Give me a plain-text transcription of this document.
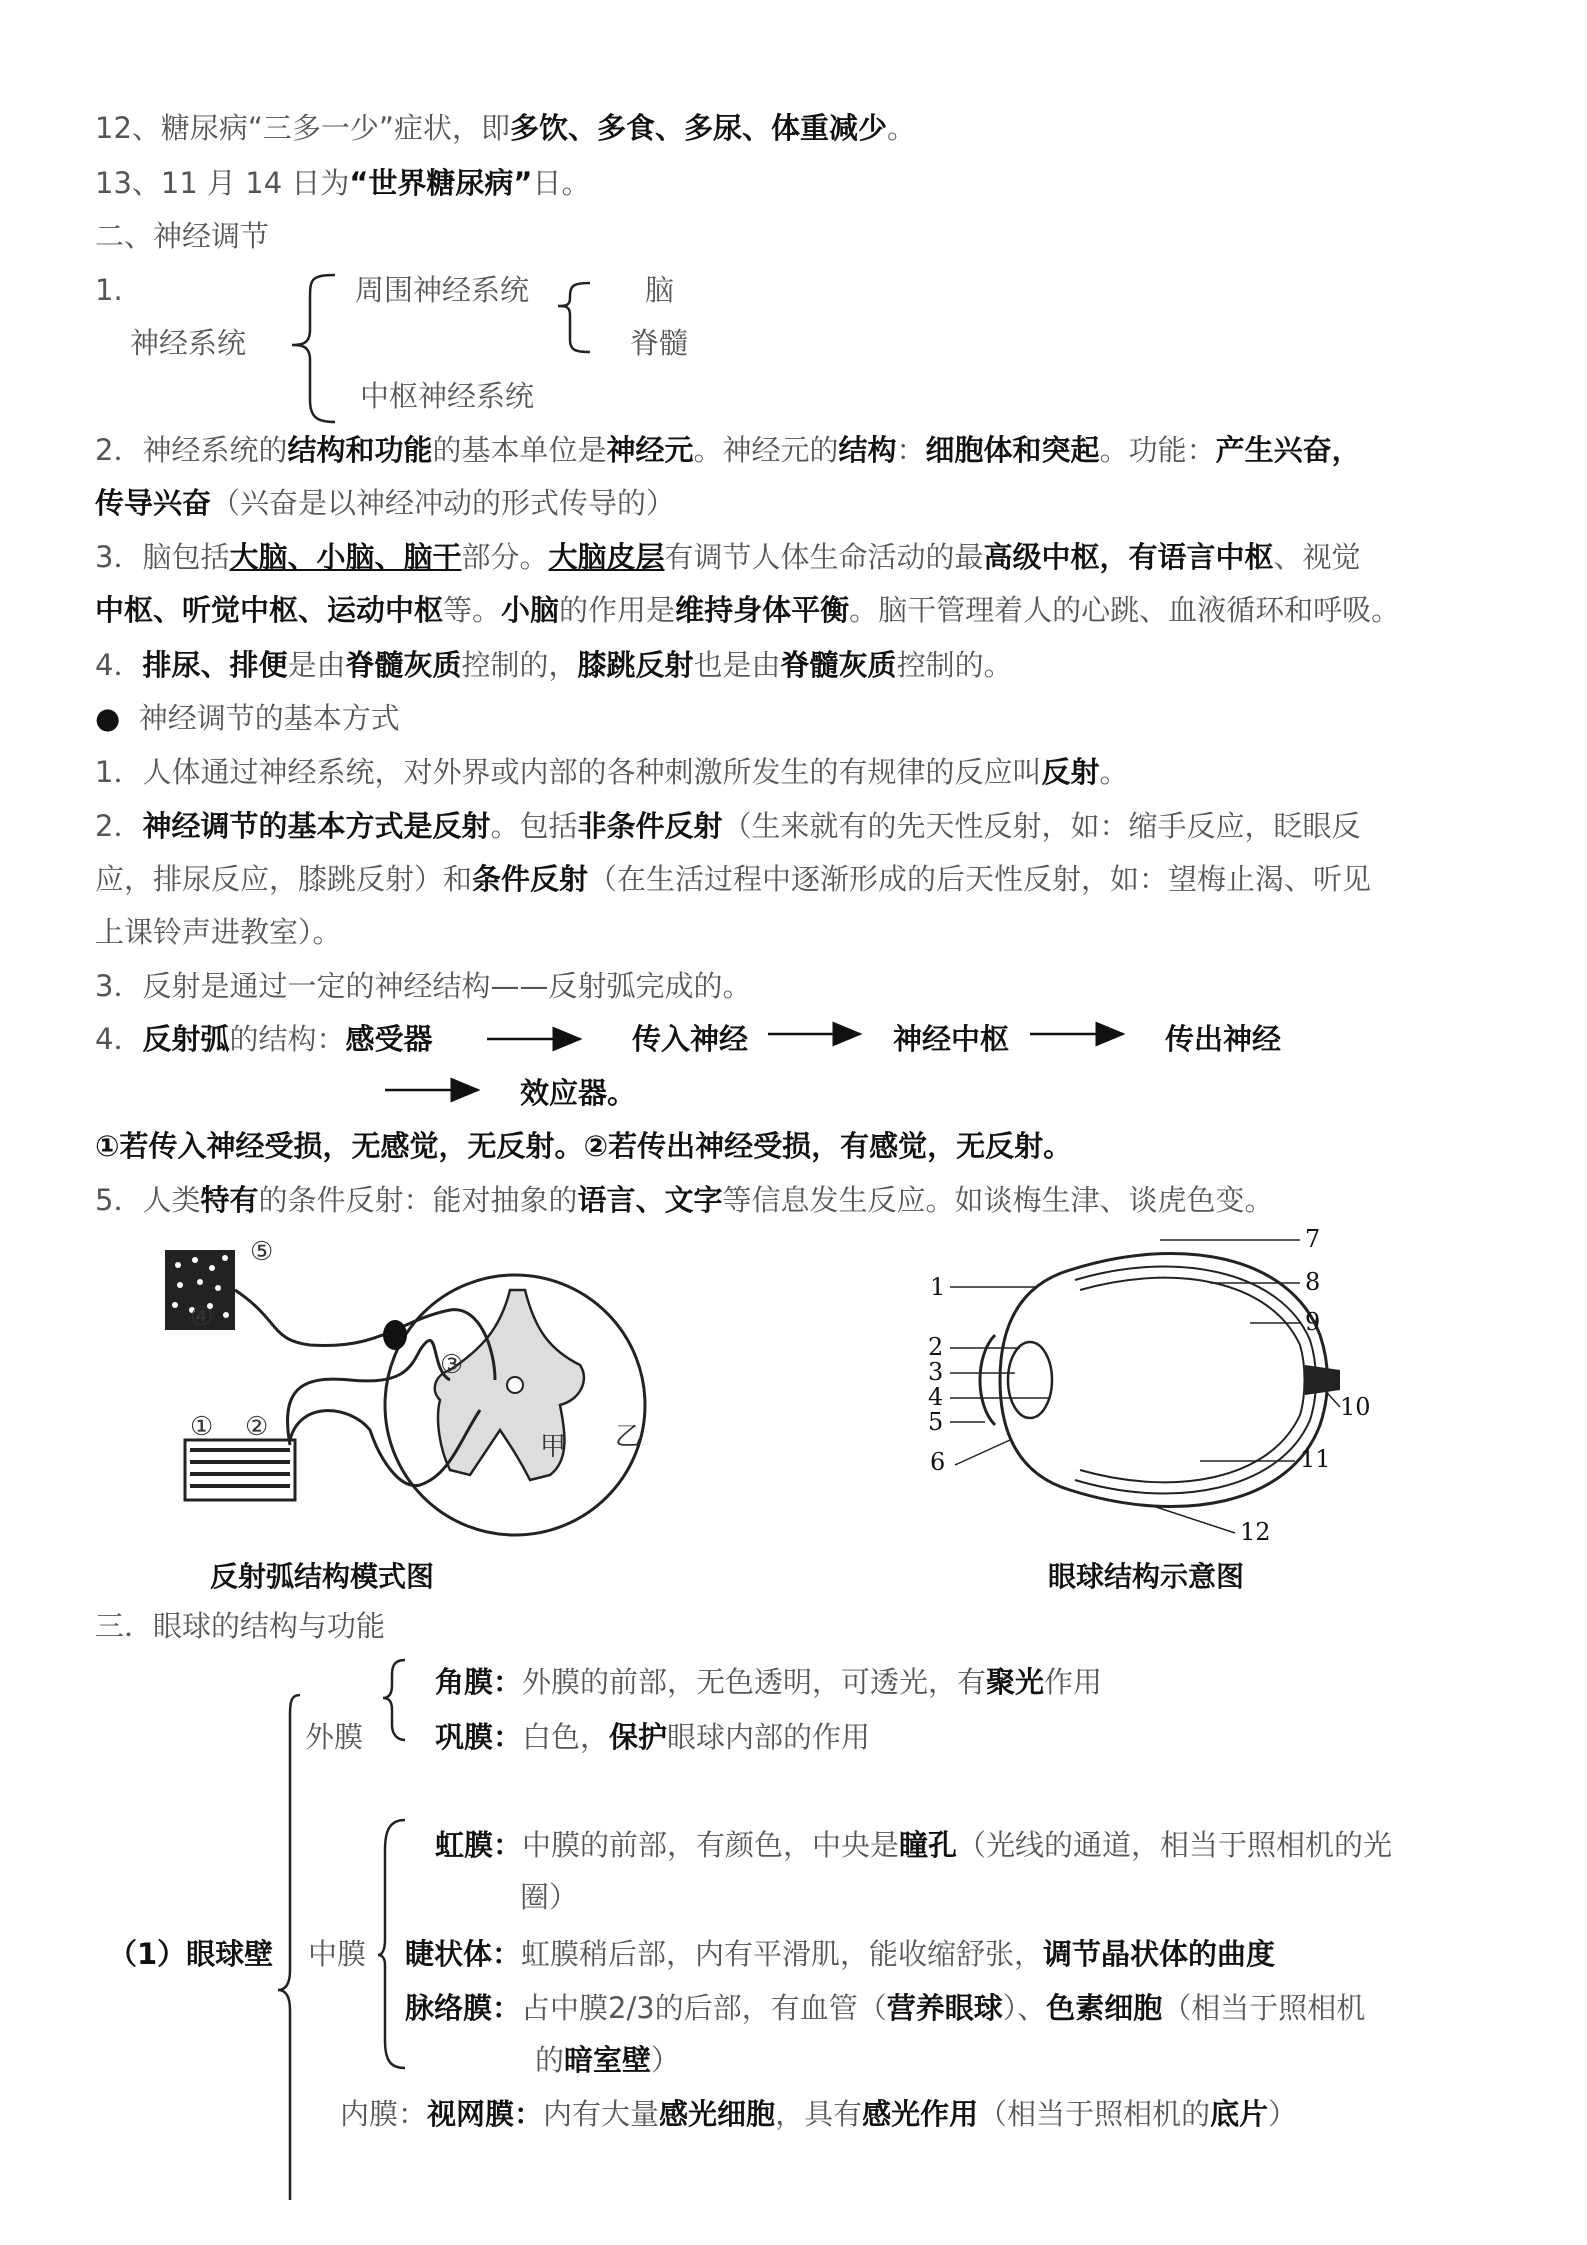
12、糖尿病“三多一少”症状，即多饮、多食、多尿、体重减少。
13、11 月 14 日为“世界糖尿病”日。
二、神经调节
1.
神经系统
周围神经系统
中枢神经系统
脑
脊髓
2．神经系统的结构和功能的基本单位是神经元。神经元的结构：细胞体和突起。功能：产生兴奋，
传导兴奋（兴奋是以神经冲动的形式传导的）
3．脑包括大脑、小脑、脑干部分。大脑皮层有调节人体生命活动的最高级中枢，有语言中枢、视觉
中枢、听觉中枢、运动中枢等。小脑的作用是维持身体平衡。脑干管理着人的心跳、血液循环和呼吸。
4．排尿、排便是由脊髓灰质控制的，膝跳反射也是由脊髓灰质控制的。
● 神经调节的基本方式
1．人体通过神经系统，对外界或内部的各种刺激所发生的有规律的反应叫反射。
2．神经调节的基本方式是反射。包括非条件反射（生来就有的先天性反射，如：缩手反应，眨眼反
应，排尿反应，膝跳反射）和条件反射（在生活过程中逐渐形成的后天性反射，如：望梅止渴、听见
上课铃声进教室）。
3．反射是通过一定的神经结构——反射弧完成的。
4．反射弧的结构：感受器	传入神经	神经中枢	传出神经
效应器。
①若传入神经受损，无感觉，无反射。②若传出神经受损，有感觉，无反射。
5．人类特有的条件反射：能对抽象的语言、文字等信息发生反应。如谈梅生津、谈虎色变。
③
① ②
④
⑤
甲 乙
反射弧结构模式图
1
2
3
4
5
6
7
8
9
10
11
12
眼球结构示意图
三．眼球的结构与功能
外膜
角膜：外膜的前部，无色透明，可透光，有聚光作用
巩膜：白色，保护眼球内部的作用
虹膜：中膜的前部，有颜色，中央是瞳孔（光线的通道，相当于照相机的光
圈）
（1）眼球壁 中膜 睫状体：虹膜稍后部，内有平滑肌，能收缩舒张，调节晶状体的曲度
脉络膜：占中膜2/3的后部，有血管（营养眼球）、色素细胞（相当于照相机
的暗室壁）
内膜：视网膜：内有大量感光细胞，具有感光作用（相当于照相机的底片）
